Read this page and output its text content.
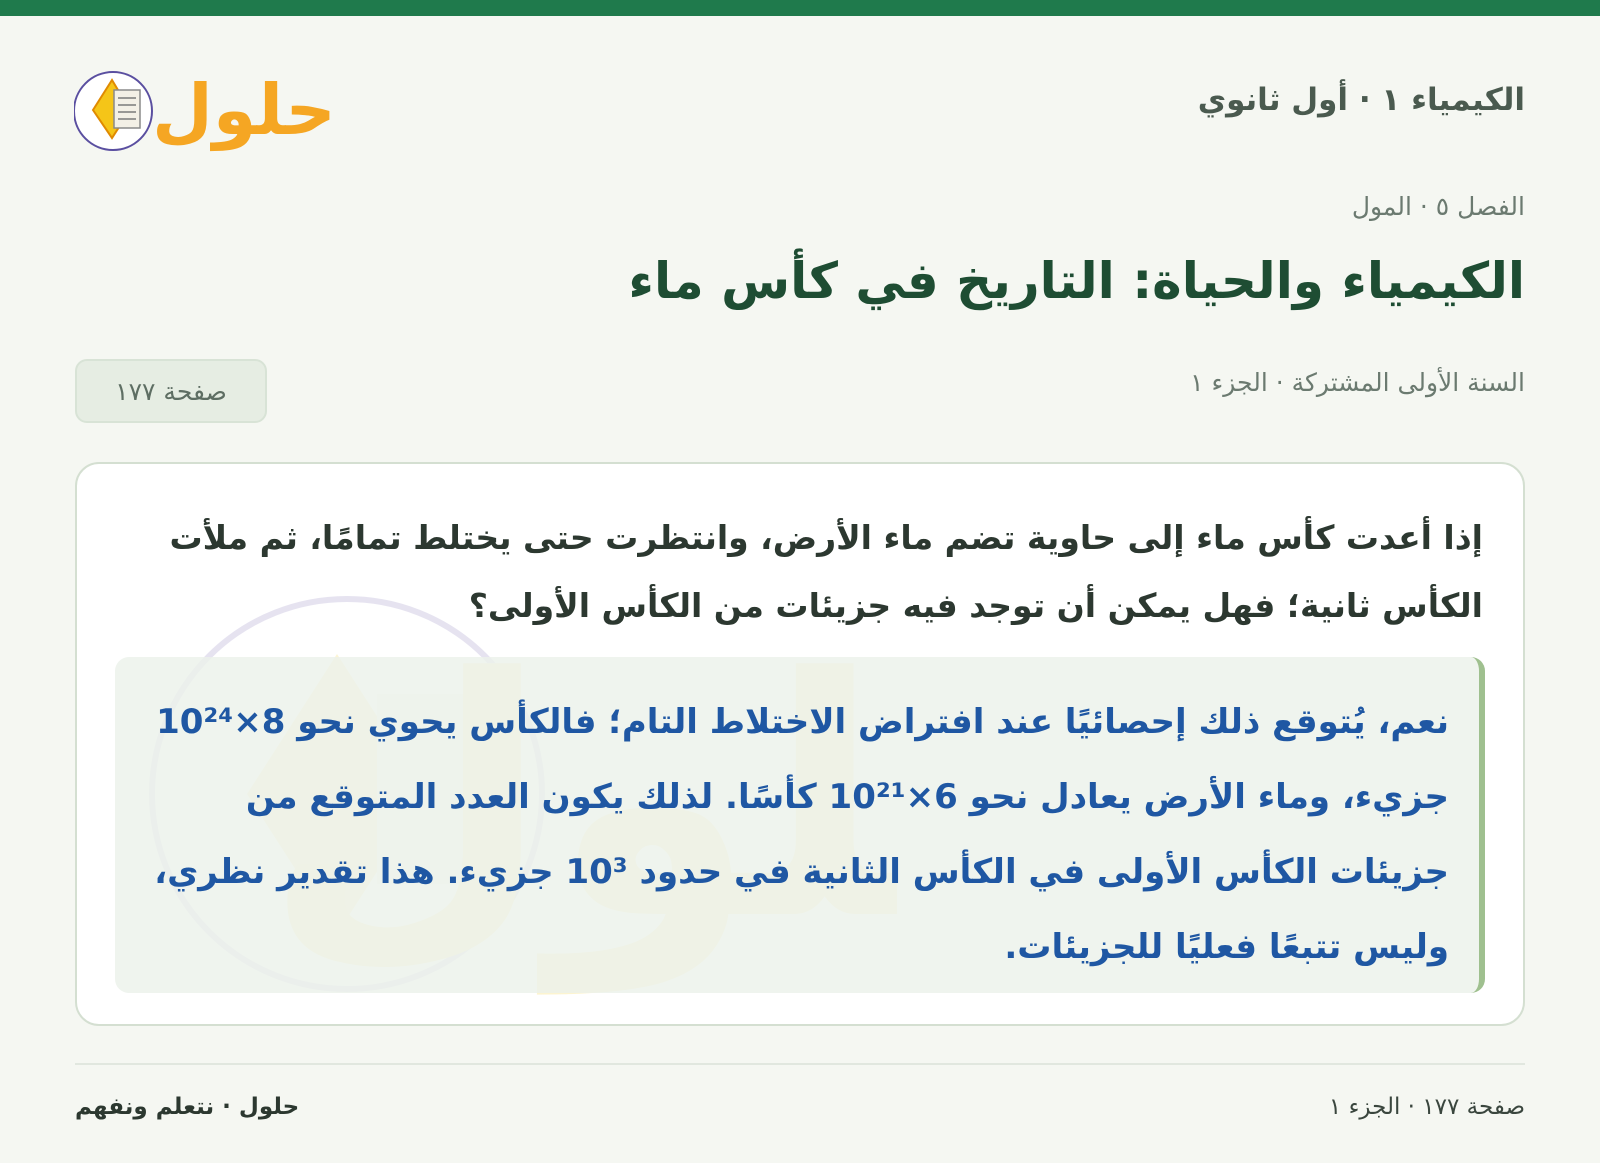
الكيمياء ١ · أول ثانوي
حلول
الفصل ٥ · المول
الكيمياء والحياة: التاريخ في كأس ماء
السنة الأولى المشتركة · الجزء ١
صفحة ١٧٧
إذا أعدت كأس ماء إلى حاوية تضم ماء الأرض، وانتظرت حتى يختلط تمامًا، ثم ملأت الكأس ثانية؛ فهل يمكن أن توجد فيه جزيئات من الكأس الأولى؟
نعم، يُتوقع ذلك إحصائيًا عند افتراض الاختلاط التام؛ فالكأس يحوي نحو 8×10²⁴ جزيء، وماء الأرض يعادل نحو 6×10²¹ كأسًا. لذلك يكون العدد المتوقع من جزيئات الكأس الأولى في الكأس الثانية في حدود 10³ جزيء. هذا تقدير نظري، وليس تتبعًا فعليًا للجزيئات.
صفحة ١٧٧ · الجزء ١
حلول · نتعلم ونفهم
